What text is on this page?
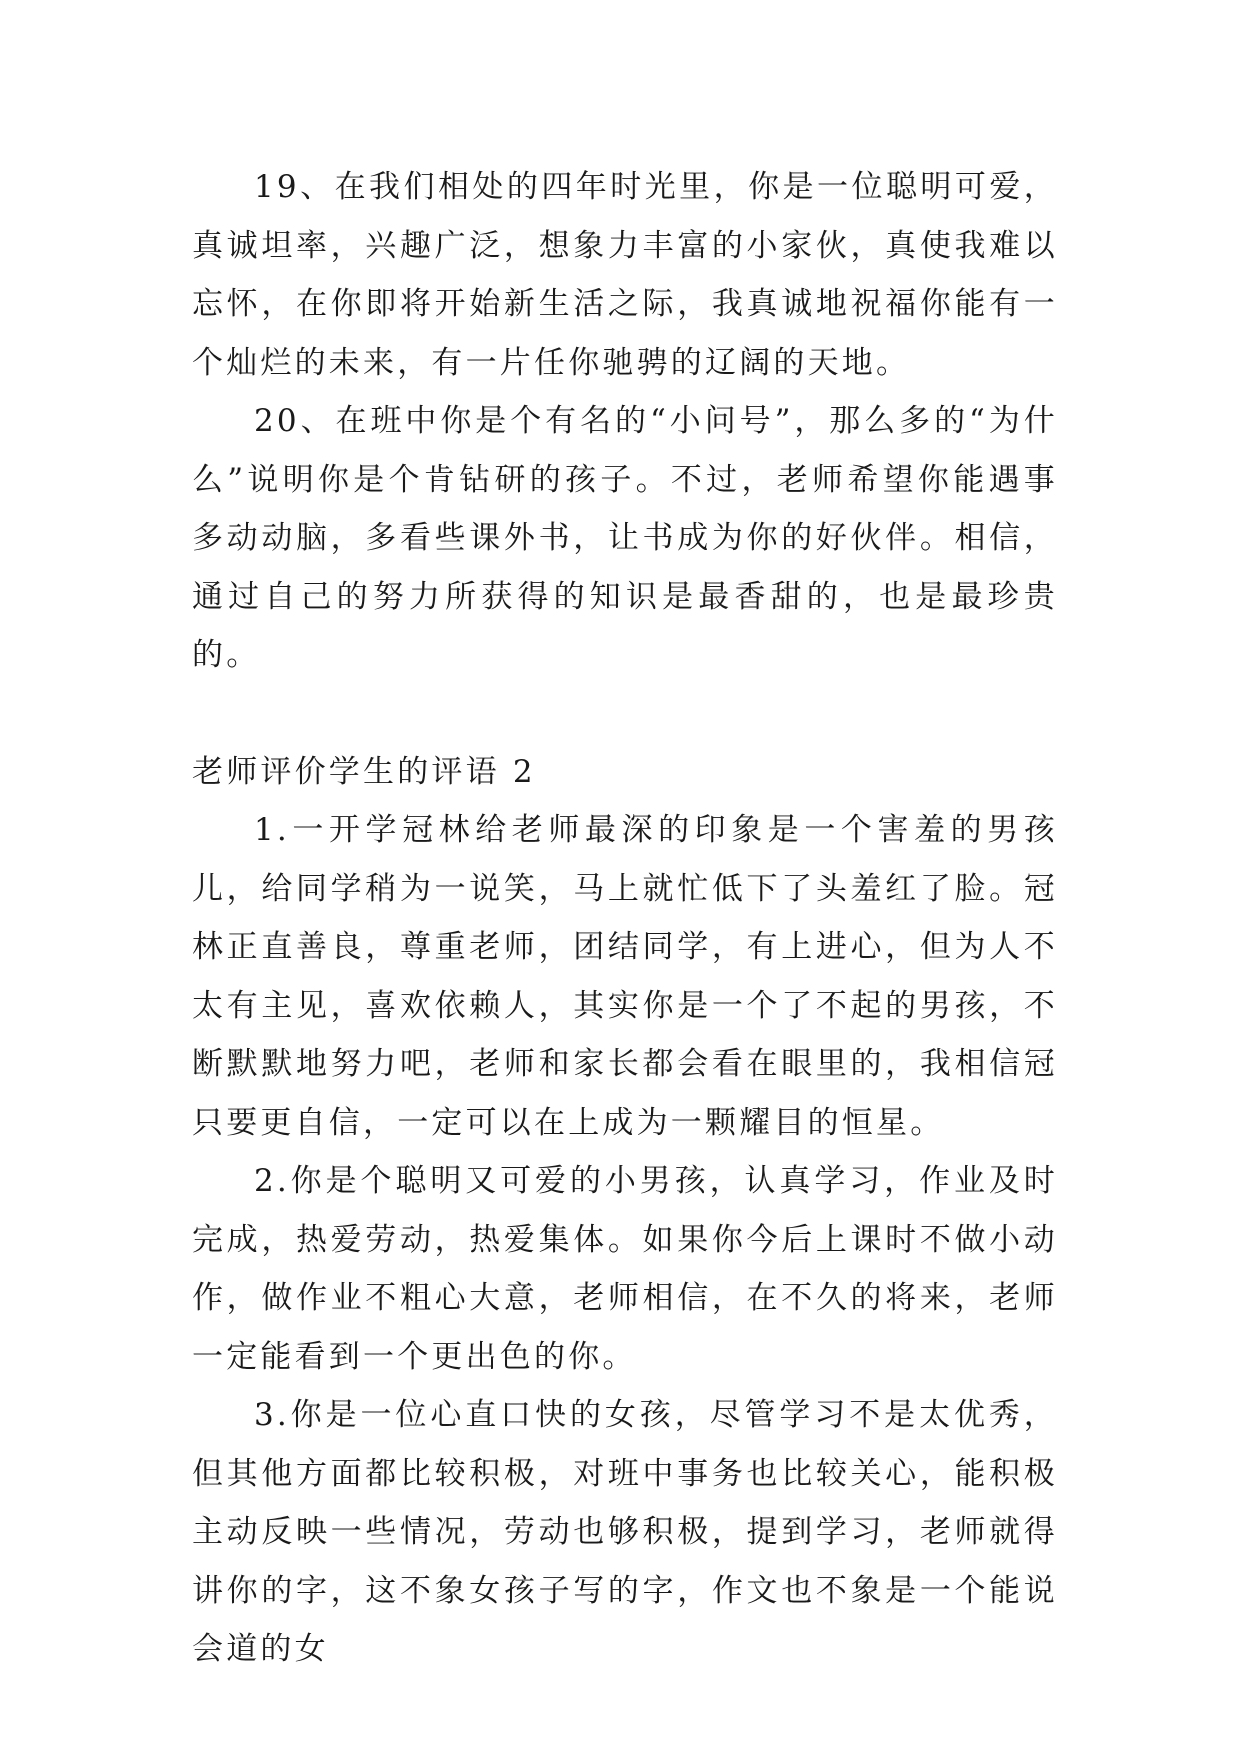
19、在我们相处的四年时光里，你是一位聪明可爱，真诚坦率，兴趣广泛，想象力丰富的小家伙，真使我难以忘怀，在你即将开始新生活之际，我真诚地祝福你能有一个灿烂的未来，有一片任你驰骋的辽阔的天地。

20、在班中你是个有名的“小问号”，那么多的“为什么”说明你是个肯钻研的孩子。不过，老师希望你能遇事多动动脑，多看些课外书，让书成为你的好伙伴。相信，通过自己的努力所获得的知识是最香甜的，也是最珍贵的。

老师评价学生的评语 2

1.一开学冠林给老师最深的印象是一个害羞的男孩儿，给同学稍为一说笑，马上就忙低下了头羞红了脸。冠林正直善良，尊重老师，团结同学，有上进心，但为人不太有主见，喜欢依赖人，其实你是一个了不起的男孩，不断默默地努力吧，老师和家长都会看在眼里的，我相信冠只要更自信，一定可以在上成为一颗耀目的恒星。

2.你是个聪明又可爱的小男孩，认真学习，作业及时完成，热爱劳动，热爱集体。如果你今后上课时不做小动作，做作业不粗心大意，老师相信，在不久的将来，老师一定能看到一个更出色的你。

3.你是一位心直口快的女孩，尽管学习不是太优秀，但其他方面都比较积极，对班中事务也比较关心，能积极主动反映一些情况，劳动也够积极，提到学习，老师就得讲你的字，这不象女孩子写的字，作文也不象是一个能说会道的女
